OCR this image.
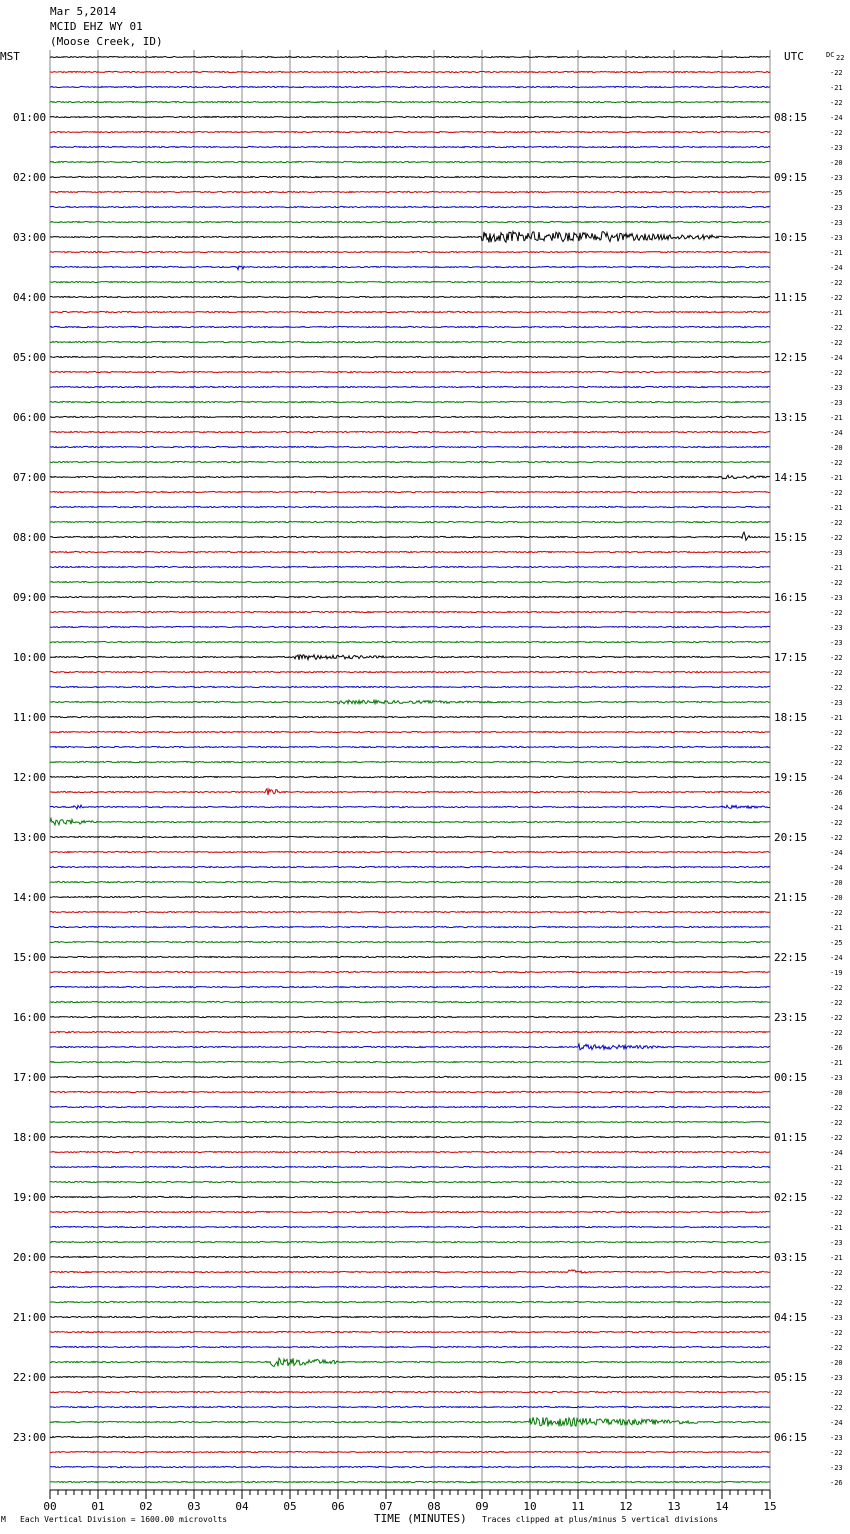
Mar 5,2014
MCID EHZ WY 01
(Moose Creek, ID)
MST	UTC	DC
01:00
02:00
03:00
04:00
05:00
06:00
07:00
08:00
09:00
10:00
11:00
12:00
13:00
14:00
15:00
16:00
17:00
18:00
19:00
20:00
21:00
22:00
23:00
08:15
09:15
10:15
11:15
12:15
13:15
14:15
15:15
16:15
17:15
18:15
19:15
20:15
21:15
22:15
23:15
00:15
01:15
02:15
03:15
04:15
05:15
06:15
22
-22
-21
-22
-24
-22
-23
-20
-23
-25
-23
-23
-23
-21
-24
-22
-22
-21
-22
-22
-24
-22
-23
-23
-21
-24
-20
-22
-21
-22
-21
-22
-22
-23
-21
-22
-23
-22
-23
-23
-22
-22
-22
-23
-21
-22
-22
-22
-24
-26
-24
-22
-22
-24
-24
-20
-20
-22
-21
-25
-24
-19
-22
-22
-22
-22
-26
-21
-23
-20
-22
-22
-22
-24
-21
-22
-22
-22
-21
-23
-21
-22
-22
-22
-23
-22
-22
-20
-23
-22
-22
-24
-23
-22
-23
-26
00	01	02	03	04	05	06	07	08	09	10	11	12	13	14	15
M Each Vertical Division = 1600.00 microvolts	TIME (MINUTES) Traces clipped at plus/minus 5 vertical divisions
